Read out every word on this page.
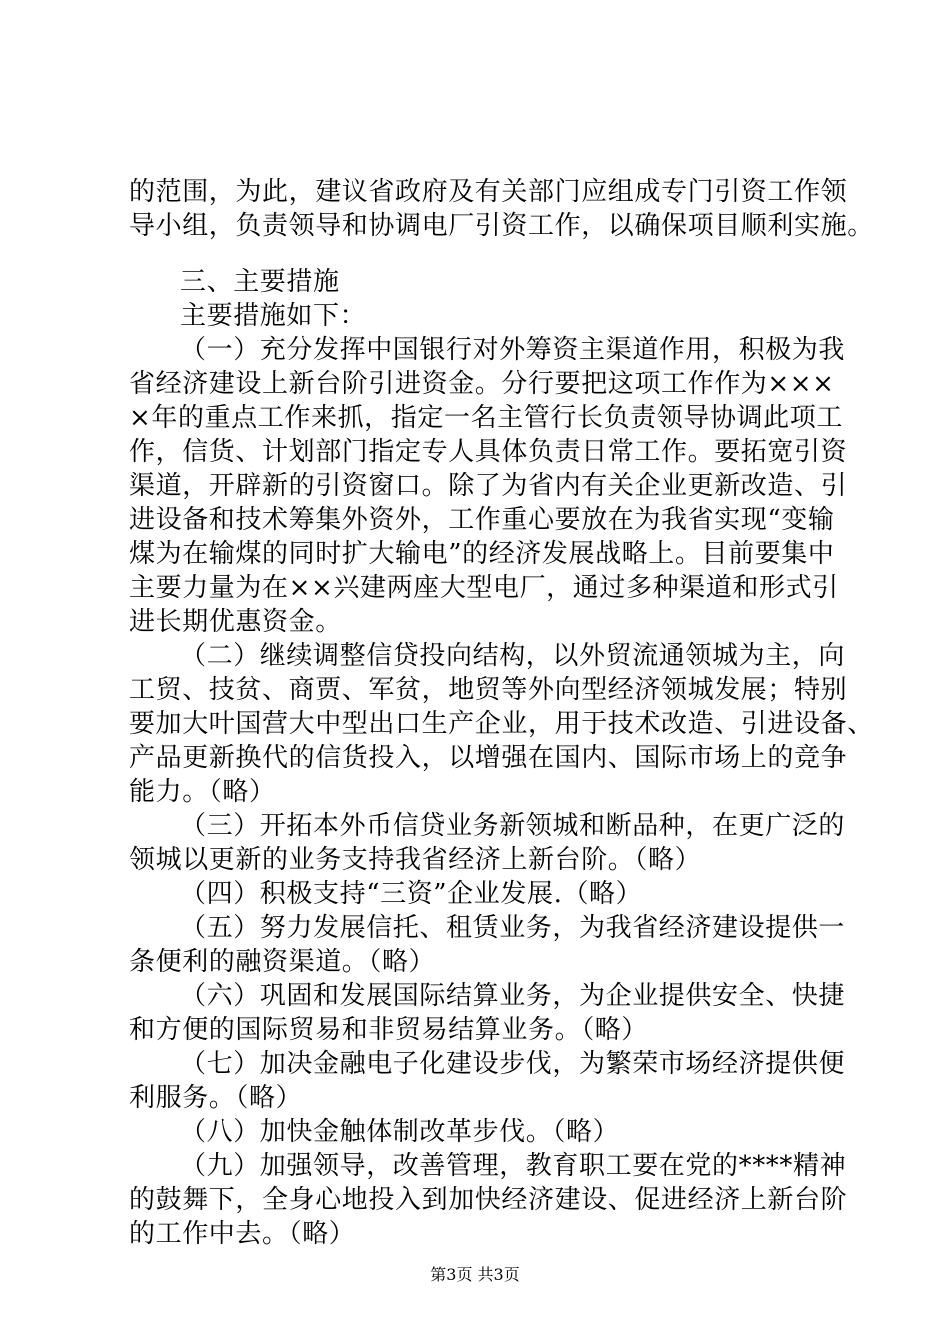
的范围，为此，建议省政府及有关部门应组成专门引资工作领
导小组，负责领导和协调电厂引资工作，以确保项目顺利实施。
三、主要措施
主要措施如下：
（一）充分发挥中国银行对外筹资主渠道作用，积极为我
省经济建设上新台阶引进资金。分行要把这项工作作为×××
×年的重点工作来抓，指定一名主管行长负责领导协调此项工
作，信货、计划部门指定专人具体负责日常工作。要拓宽引资
渠道，开辟新的引资窗口。除了为省内有关企业更新改造、引
进设备和技术筹集外资外，工作重心要放在为我省实现“变输
煤为在输煤的同时扩大输电”的经济发展战略上。目前要集中
主要力量为在××兴建两座大型电厂，通过多种渠道和形式引
进长期优惠资金。
（二）继续调整信贷投向结构，以外贸流通领城为主，向
工贸、技贫、商贾、军贫，地贸等外向型经济领城发展；特别
要加大叶国营大中型出口生产企业，用于技术改造、引进设备、
产品更新换代的信货投入，以增强在国内、国际市场上的竞争
能力。（略）
（三）开拓本外币信贷业务新领城和断品种，在更广泛的
领城以更新的业务支持我省经济上新台阶。（略）
（四）积极支持“三资”企业发展.（略）
（五）努力发展信托、租赁业务，为我省经济建设提供一
条便利的融资渠道。（略）
（六）巩固和发展国际结算业务，为企业提供安全、快捷
和方便的国际贸易和非贸易结算业务。（略）
（七）加决金融电子化建设步伐，为繁荣市场经济提供便
利服务。（略）
（八）加快金触体制改革步伐。（略）
（九）加强领导，改善管理，教育职工要在党的****精神
的鼓舞下，全身心地投入到加快经济建设、促进经济上新台阶
的工作中去。（略）
第3页 共3页
